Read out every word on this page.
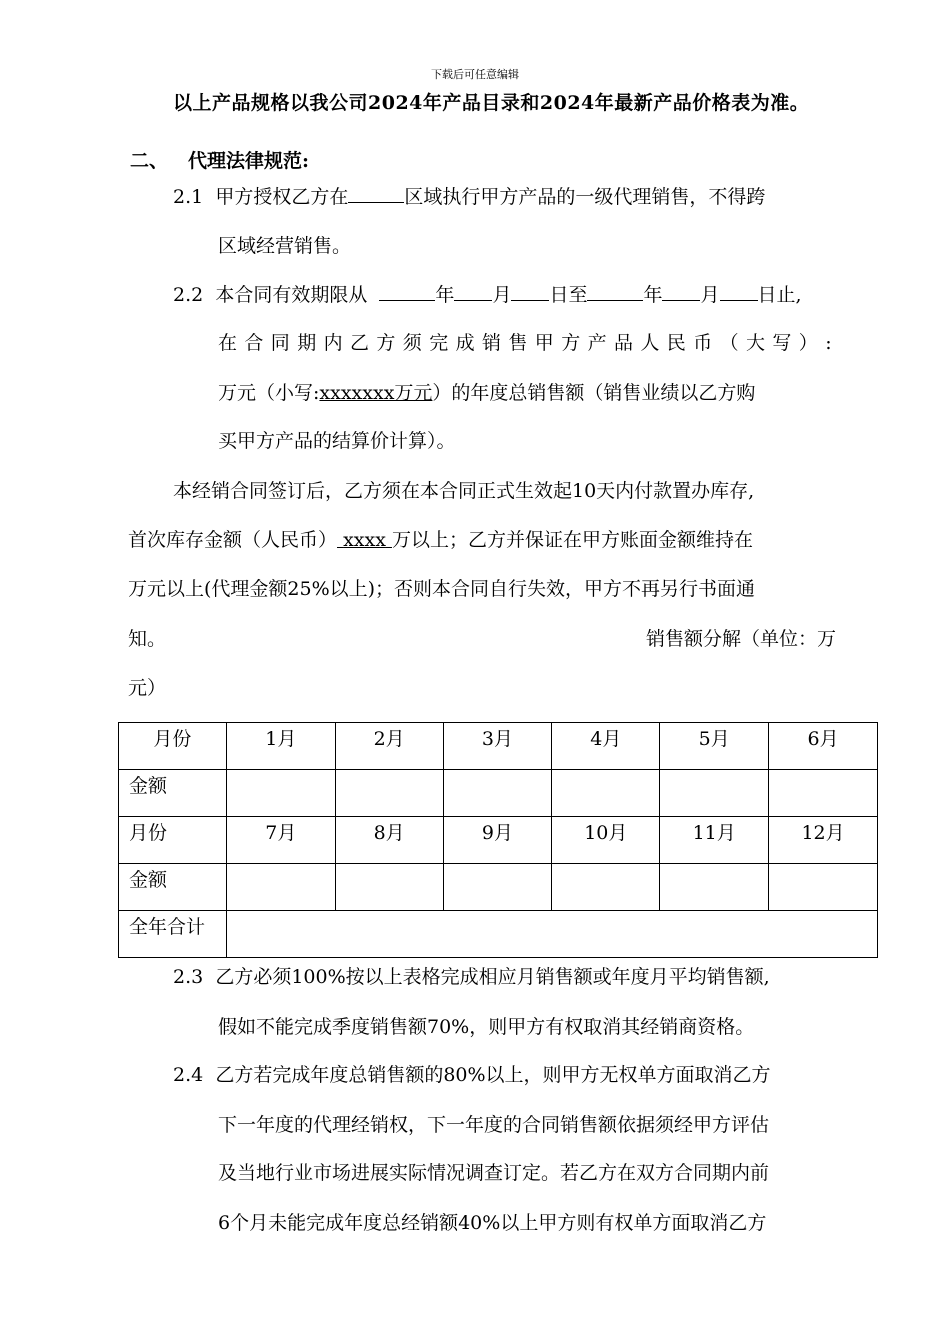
下载后可任意编辑
以上产品规格以我公司2024年产品目录和2024年最新产品价格表为准。
二、 代理法律规范:
2.1 甲方授权乙方在	区域执行甲方产品的一级代理销售，不得跨
区域经营销售。
2.2 本合同有效期限从	年 月 日至	年 月 日止,
在合同期内乙方须完成销售甲方产品人民币（大写）:
万元（小写:xxxxxxx万元）的年度总销售额（销售业绩以乙方购
买甲方产品的结算价计算）。
本经销合同签订后，乙方须在本合同正式生效起10天内付款置办库存,
首次库存金额（人民币） xxxx 万以上；乙方并保证在甲方账面金额维持在
万元以上(代理金额25%以上)；否则本合同自行失效，甲方不再另行书面通
知。	销售额分解（单位：万
元）
月份	1月	2月	3月	4月	5月	6月
金额						
月份	7月	8月	9月	10月	11月	12月
金额						
全年合计						
2.3 乙方必须100%按以上表格完成相应月销售额或年度月平均销售额,
假如不能完成季度销售额70%，则甲方有权取消其经销商资格。
2.4 乙方若完成年度总销售额的80%以上，则甲方无权单方面取消乙方
下一年度的代理经销权，下一年度的合同销售额依据须经甲方评估
及当地行业市场进展实际情况调查订定。若乙方在双方合同期内前
6个月未能完成年度总经销额40%以上甲方则有权单方面取消乙方
